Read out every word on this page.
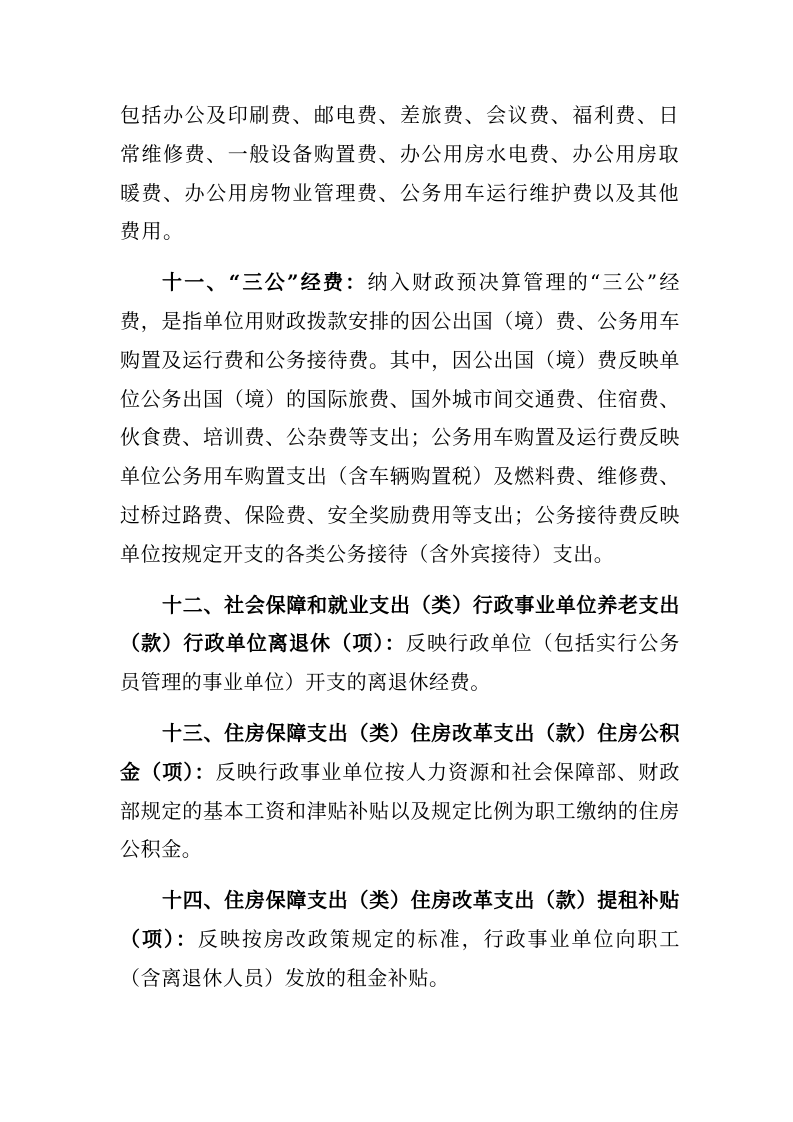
包括办公及印刷费、邮电费、差旅费、会议费、福利费、日常维修费、一般设备购置费、办公用房水电费、办公用房取暖费、办公用房物业管理费、公务用车运行维护费以及其他费用。

十一、“三公”经费：纳入财政预决算管理的“三公”经费，是指单位用财政拨款安排的因公出国（境）费、公务用车购置及运行费和公务接待费。其中，因公出国（境）费反映单位公务出国（境）的国际旅费、国外城市间交通费、住宿费、伙食费、培训费、公杂费等支出；公务用车购置及运行费反映单位公务用车购置支出（含车辆购置税）及燃料费、维修费、过桥过路费、保险费、安全奖励费用等支出；公务接待费反映单位按规定开支的各类公务接待（含外宾接待）支出。

十二、社会保障和就业支出（类）行政事业单位养老支出（款）行政单位离退休（项）：反映行政单位（包括实行公务员管理的事业单位）开支的离退休经费。

十三、住房保障支出（类）住房改革支出（款）住房公积金（项）：反映行政事业单位按人力资源和社会保障部、财政部规定的基本工资和津贴补贴以及规定比例为职工缴纳的住房公积金。

十四、住房保障支出（类）住房改革支出（款）提租补贴（项）：反映按房改政策规定的标准，行政事业单位向职工（含离退休人员）发放的租金补贴。
